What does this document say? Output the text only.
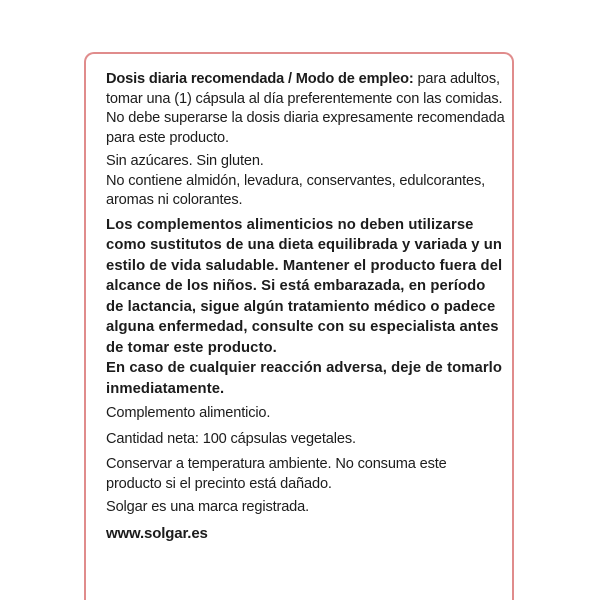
Dosis diaria recomendada / Modo de empleo: para adultos, tomar una (1) cápsula al día preferentemente con las comidas. No debe superarse la dosis diaria expresamente recomendada para este producto.

Sin azúcares. Sin gluten.

No contiene almidón, levadura, conservantes, edulcorantes, aromas ni colorantes.

Los complementos alimenticios no deben utilizarse como sustitutos de una dieta equilibrada y variada y un estilo de vida saludable. Mantener el producto fuera del alcance de los niños. Si está embarazada, en período de lactancia, sigue algún tratamiento médico o padece alguna enfermedad, consulte con su especialista antes de tomar este producto.

En caso de cualquier reacción adversa, deje de tomarlo inmediatamente.

Complemento alimenticio.

Cantidad neta: 100 cápsulas vegetales.

Conservar a temperatura ambiente. No consuma este producto si el precinto está dañado.

Solgar es una marca registrada.

www.solgar.es
